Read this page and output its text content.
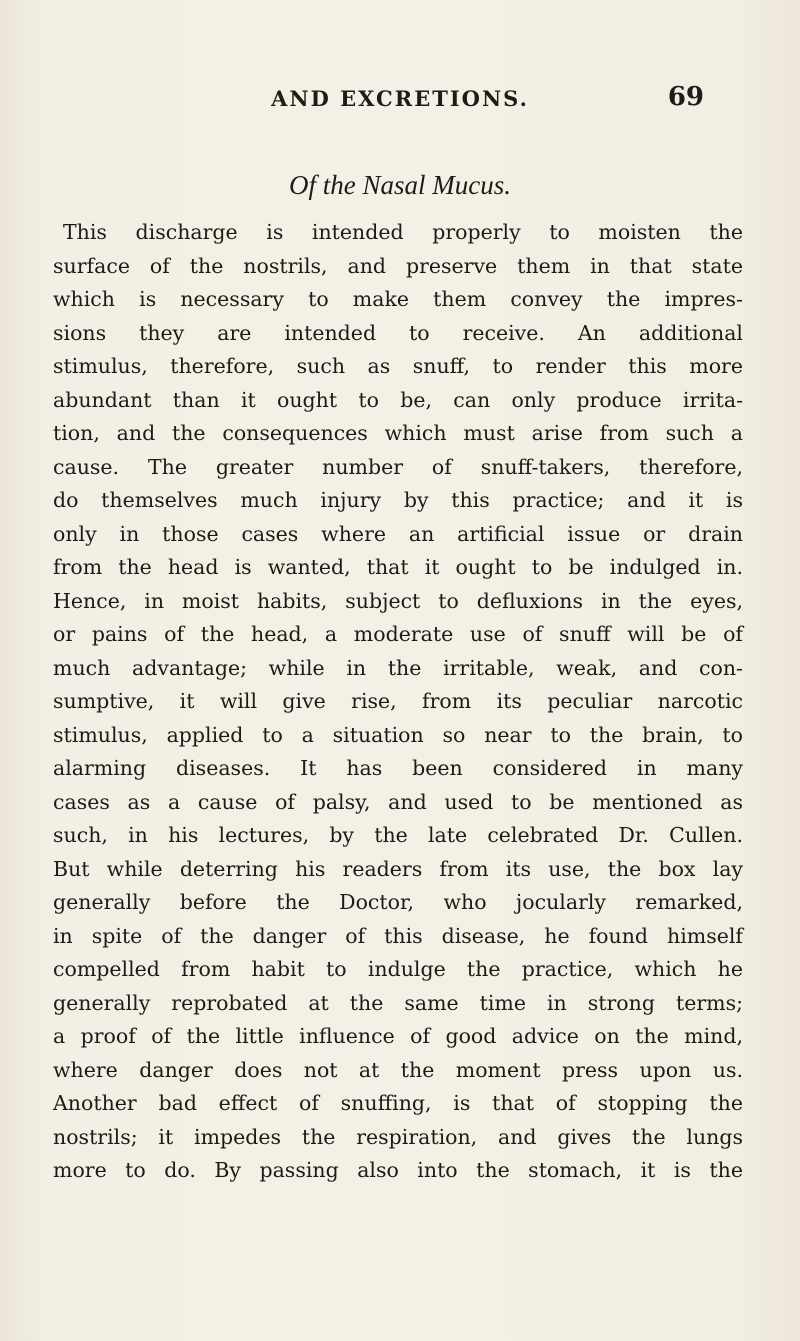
AND EXCRETIONS.	69
Of the Nasal Mucus.
This discharge is intended properly to moisten the
surface of the nostrils, and preserve them in that state
which is necessary to make them convey the impres-
sions they are intended to receive. An additional
stimulus, therefore, such as snuff, to render this more
abundant than it ought to be, can only produce irrita-
tion, and the consequences which must arise from such a
cause. The greater number of snuff-takers, therefore,
do themselves much injury by this practice; and it is
only in those cases where an artificial issue or drain
from the head is wanted, that it ought to be indulged in.
Hence, in moist habits, subject to defluxions in the eyes,
or pains of the head, a moderate use of snuff will be of
much advantage; while in the irritable, weak, and con-
sumptive, it will give rise, from its peculiar narcotic
stimulus, applied to a situation so near to the brain, to
alarming diseases. It has been considered in many
cases as a cause of palsy, and used to be mentioned as
such, in his lectures, by the late celebrated Dr. Cullen.
But while deterring his readers from its use, the box lay
generally before the Doctor, who jocularly remarked,
in spite of the danger of this disease, he found himself
compelled from habit to indulge the practice, which he
generally reprobated at the same time in strong terms;
a proof of the little influence of good advice on the mind,
where danger does not at the moment press upon us.
Another bad effect of snuffing, is that of stopping the
nostrils; it impedes the respiration, and gives the lungs
more to do. By passing also into the stomach, it is the
